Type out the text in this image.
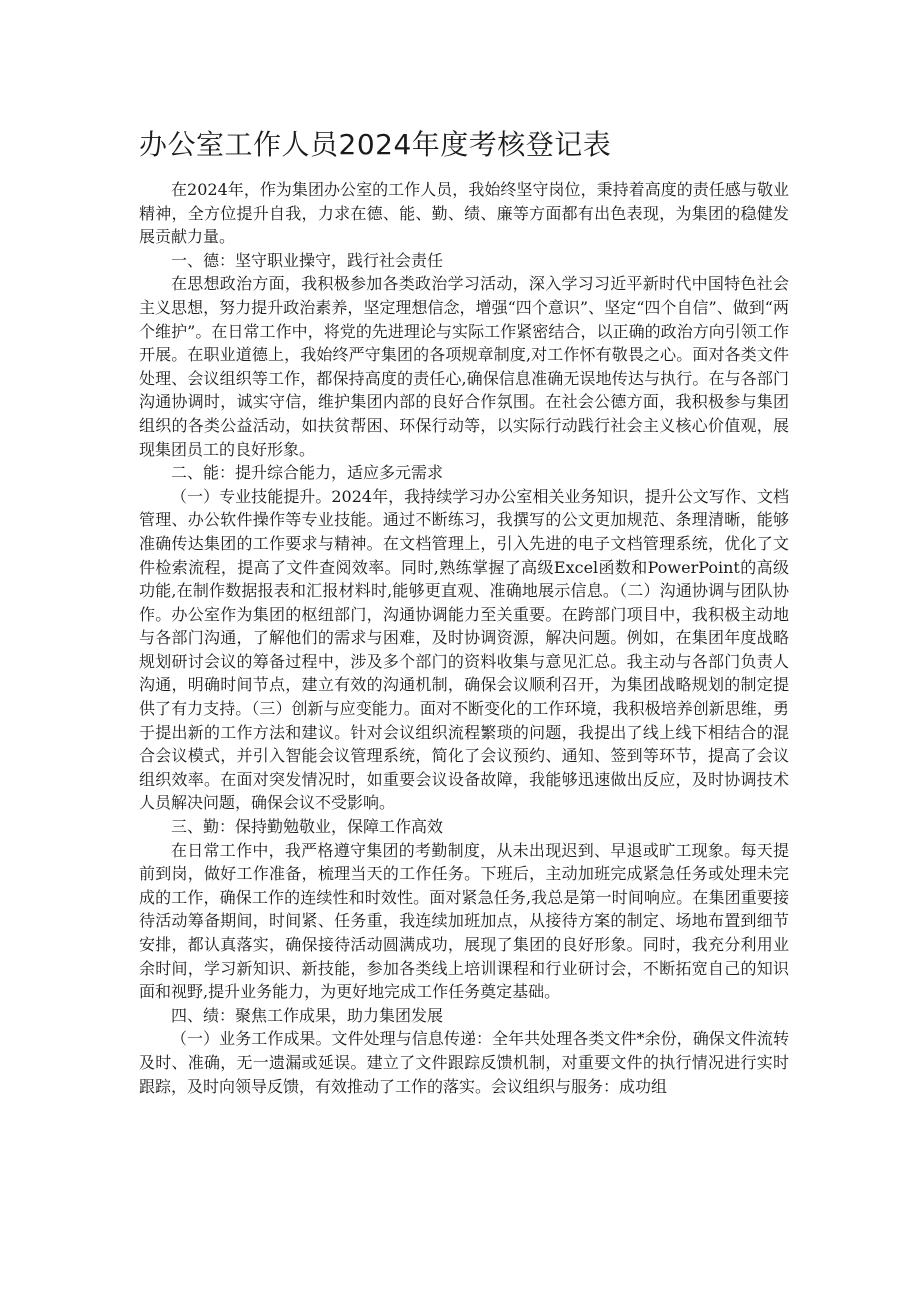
办公室工作人员2024年度考核登记表

在2024年，作为集团办公室的工作人员，我始终坚守岗位，秉持着高度的责任感与敬业精神，全方位提升自我，力求在德、能、勤、绩、廉等方面都有出色表现，为集团的稳健发展贡献力量。

一、德：坚守职业操守，践行社会责任

在思想政治方面，我积极参加各类政治学习活动，深入学习习近平新时代中国特色社会主义思想，努力提升政治素养，坚定理想信念，增强“四个意识”、坚定“四个自信”、做到“两个维护”。在日常工作中，将党的先进理论与实际工作紧密结合，以正确的政治方向引领工作开展。在职业道德上，我始终严守集团的各项规章制度,对工作怀有敬畏之心。面对各类文件处理、会议组织等工作，都保持高度的责任心,确保信息准确无误地传达与执行。在与各部门沟通协调时，诚实守信，维护集团内部的良好合作氛围。在社会公德方面，我积极参与集团组织的各类公益活动，如扶贫帮困、环保行动等，以实际行动践行社会主义核心价值观，展现集团员工的良好形象。

二、能：提升综合能力，适应多元需求

（一）专业技能提升。2024年，我持续学习办公室相关业务知识，提升公文写作、文档管理、办公软件操作等专业技能。通过不断练习，我撰写的公文更加规范、条理清晰，能够准确传达集团的工作要求与精神。在文档管理上，引入先进的电子文档管理系统，优化了文件检索流程，提高了文件查阅效率。同时,熟练掌握了高级Excel函数和PowerPoint的高级功能,在制作数据报表和汇报材料时,能够更直观、准确地展示信息。（二）沟通协调与团队协作。办公室作为集团的枢纽部门，沟通协调能力至关重要。在跨部门项目中，我积极主动地与各部门沟通，了解他们的需求与困难，及时协调资源，解决问题。例如，在集团年度战略规划研讨会议的筹备过程中，涉及多个部门的资料收集与意见汇总。我主动与各部门负责人沟通，明确时间节点，建立有效的沟通机制，确保会议顺利召开，为集团战略规划的制定提供了有力支持。（三）创新与应变能力。面对不断变化的工作环境，我积极培养创新思维，勇于提出新的工作方法和建议。针对会议组织流程繁琐的问题，我提出了线上线下相结合的混合会议模式，并引入智能会议管理系统，简化了会议预约、通知、签到等环节，提高了会议组织效率。在面对突发情况时，如重要会议设备故障，我能够迅速做出反应，及时协调技术人员解决问题，确保会议不受影响。

三、勤：保持勤勉敬业，保障工作高效

在日常工作中，我严格遵守集团的考勤制度，从未出现迟到、早退或旷工现象。每天提前到岗，做好工作准备，梳理当天的工作任务。下班后，主动加班完成紧急任务或处理未完成的工作，确保工作的连续性和时效性。面对紧急任务,我总是第一时间响应。在集团重要接待活动筹备期间，时间紧、任务重，我连续加班加点，从接待方案的制定、场地布置到细节安排，都认真落实，确保接待活动圆满成功，展现了集团的良好形象。同时，我充分利用业余时间，学习新知识、新技能，参加各类线上培训课程和行业研讨会，不断拓宽自己的知识面和视野,提升业务能力，为更好地完成工作任务奠定基础。

四、绩：聚焦工作成果，助力集团发展

（一）业务工作成果。文件处理与信息传递：全年共处理各类文件*余份，确保文件流转及时、准确，无一遗漏或延误。建立了文件跟踪反馈机制，对重要文件的执行情况进行实时跟踪，及时向领导反馈，有效推动了工作的落实。会议组织与服务：成功组
